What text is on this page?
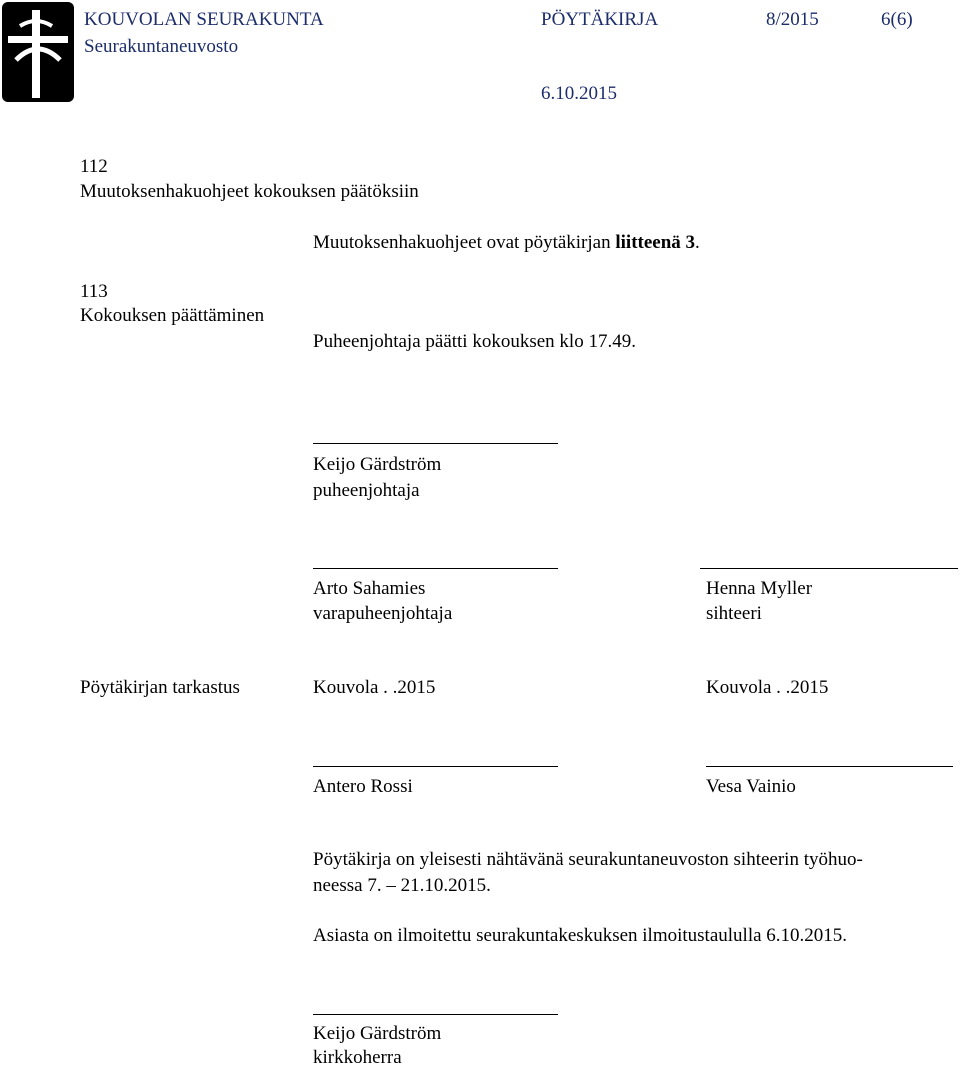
KOUVOLAN SEURAKUNTA
Seurakuntaneuvosto
PÖYTÄKIRJA	8/2015	6(6)
6.10.2015
112
Muutoksenhakuohjeet kokouksen päätöksiin
Muutoksenhakuohjeet ovat pöytäkirjan liitteenä 3.
113
Kokouksen päättäminen
Puheenjohtaja päätti kokouksen klo 17.49.
Keijo Gärdström
puheenjohtaja
Arto Sahamies
varapuheenjohtaja
Henna Myller
sihteeri
Pöytäkirjan tarkastus	Kouvola . .2015	Kouvola . .2015
Antero Rossi	Vesa Vainio
Pöytäkirja on yleisesti nähtävänä seurakuntaneuvoston sihteerin työhuo-
neessa 7. – 21.10.2015.
Asiasta on ilmoitettu seurakuntakeskuksen ilmoitustaululla 6.10.2015.
Keijo Gärdström
kirkkoherra
